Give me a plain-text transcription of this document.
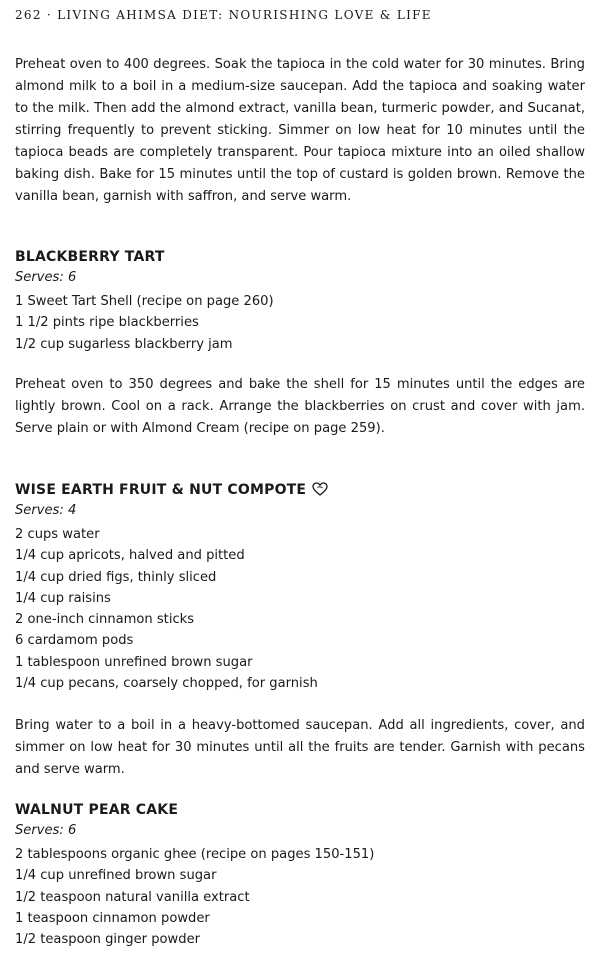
262 · LIVING AHIMSA DIET: NOURISHING LOVE & LIFE

Preheat oven to 400 degrees. Soak the tapioca in the cold water for 30 minutes. Bring almond milk to a boil in a medium-size saucepan. Add the tapioca and soaking water to the milk. Then add the almond extract, vanilla bean, turmeric powder, and Sucanat, stirring frequently to prevent sticking. Simmer on low heat for 10 minutes until the tapioca beads are completely transparent. Pour tapioca mixture into an oiled shallow baking dish. Bake for 15 minutes until the top of custard is golden brown. Remove the vanilla bean, garnish with saffron, and serve warm.

BLACKBERRY TART

Serves: 6

1 Sweet Tart Shell (recipe on page 260)
1 1/2 pints ripe blackberries
1/2 cup sugarless blackberry jam

Preheat oven to 350 degrees and bake the shell for 15 minutes until the edges are lightly brown. Cool on a rack. Arrange the blackberries on crust and cover with jam. Serve plain or with Almond Cream (recipe on page 259).

WISE EARTH FRUIT & NUT COMPOTE

Serves: 4

2 cups water
1/4 cup apricots, halved and pitted
1/4 cup dried figs, thinly sliced
1/4 cup raisins
2 one-inch cinnamon sticks
6 cardamom pods
1 tablespoon unrefined brown sugar
1/4 cup pecans, coarsely chopped, for garnish

Bring water to a boil in a heavy-bottomed saucepan. Add all ingredients, cover, and simmer on low heat for 30 minutes until all the fruits are tender. Garnish with pecans and serve warm.

WALNUT PEAR CAKE

Serves: 6

2 tablespoons organic ghee (recipe on pages 150-151)
1/4 cup unrefined brown sugar
1/2 teaspoon natural vanilla extract
1 teaspoon cinnamon powder
1/2 teaspoon ginger powder
